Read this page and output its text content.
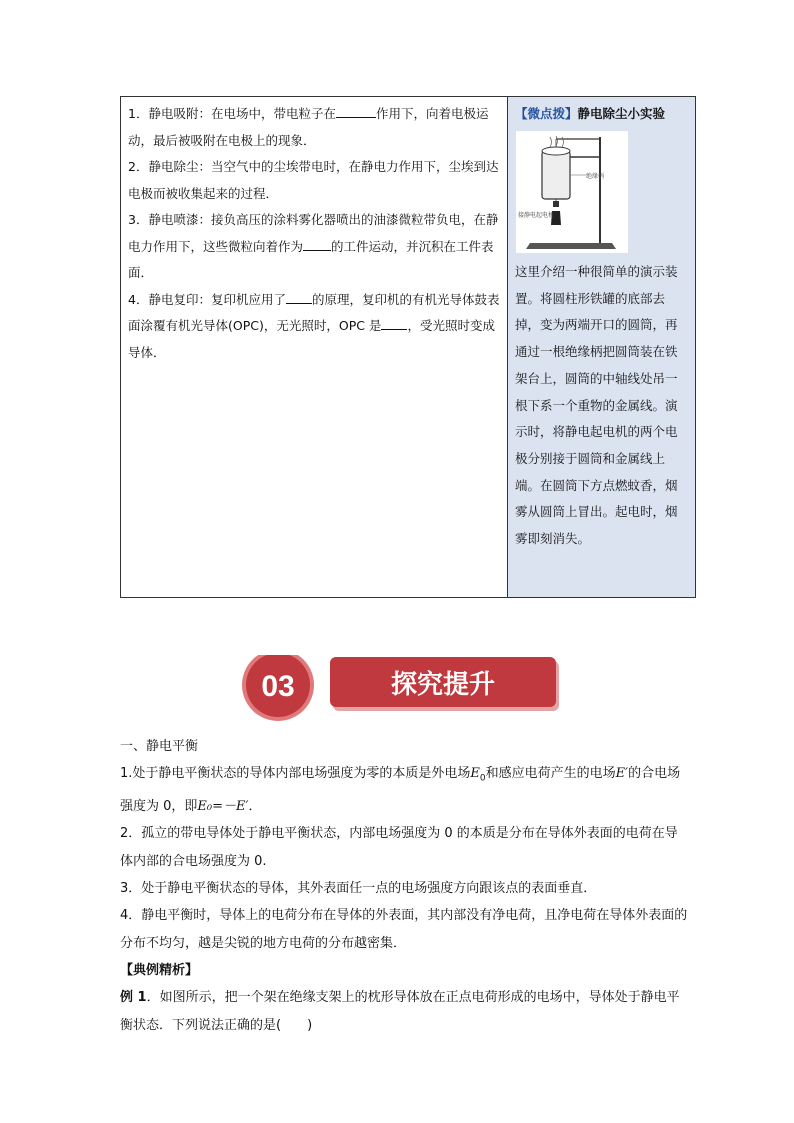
1．静电吸附：在电场中，带电粒子在	作用下，向着电极运动，最后被吸附在电极上的现象．

2．静电除尘：当空气中的尘埃带电时，在静电力作用下，尘埃到达电极而被收集起来的过程．

3．静电喷漆：接负高压的涂料雾化器喷出的油漆微粒带负电，在静电力作用下，这些微粒向着作为 的工件运动，并沉积在工件表面．

4．静电复印：复印机应用了 的原理，复印机的有机光导体鼓表面涂覆有机光导体(OPC)，无光照时，OPC 是 ，受光照时变成导体．

【微点拨】静电除尘小实验

绝缘柄
接静电起电机

这里介绍一种很简单的演示装置。将圆柱形铁罐的底部去掉，变为两端开口的圆筒，再通过一根绝缘柄把圆筒装在铁架台上，圆筒的中轴线处吊一根下系一个重物的金属线。演示时，将静电起电机的两个电极分别接于圆筒和金属线上端。在圆筒下方点燃蚊香，烟雾从圆筒上冒出。起电时，烟雾即刻消失。

03	探究提升

一、静电平衡

1.处于静电平衡状态的导体内部电场强度为零的本质是外电场$E_0$和感应电荷产生的电场E′的合电场强度为 0，即E₀=－E′．

2．孤立的带电导体处于静电平衡状态，内部电场强度为 0 的本质是分布在导体外表面的电荷在导体内部的合电场强度为 0.

3．处于静电平衡状态的导体，其外表面任一点的电场强度方向跟该点的表面垂直．

4．静电平衡时，导体上的电荷分布在导体的外表面，其内部没有净电荷，且净电荷在导体外表面的分布不均匀，越是尖锐的地方电荷的分布越密集．

【典例精析】

例 1．如图所示，把一个架在绝缘支架上的枕形导体放在正点电荷形成的电场中，导体处于静电平衡状态．下列说法正确的是(　　)
